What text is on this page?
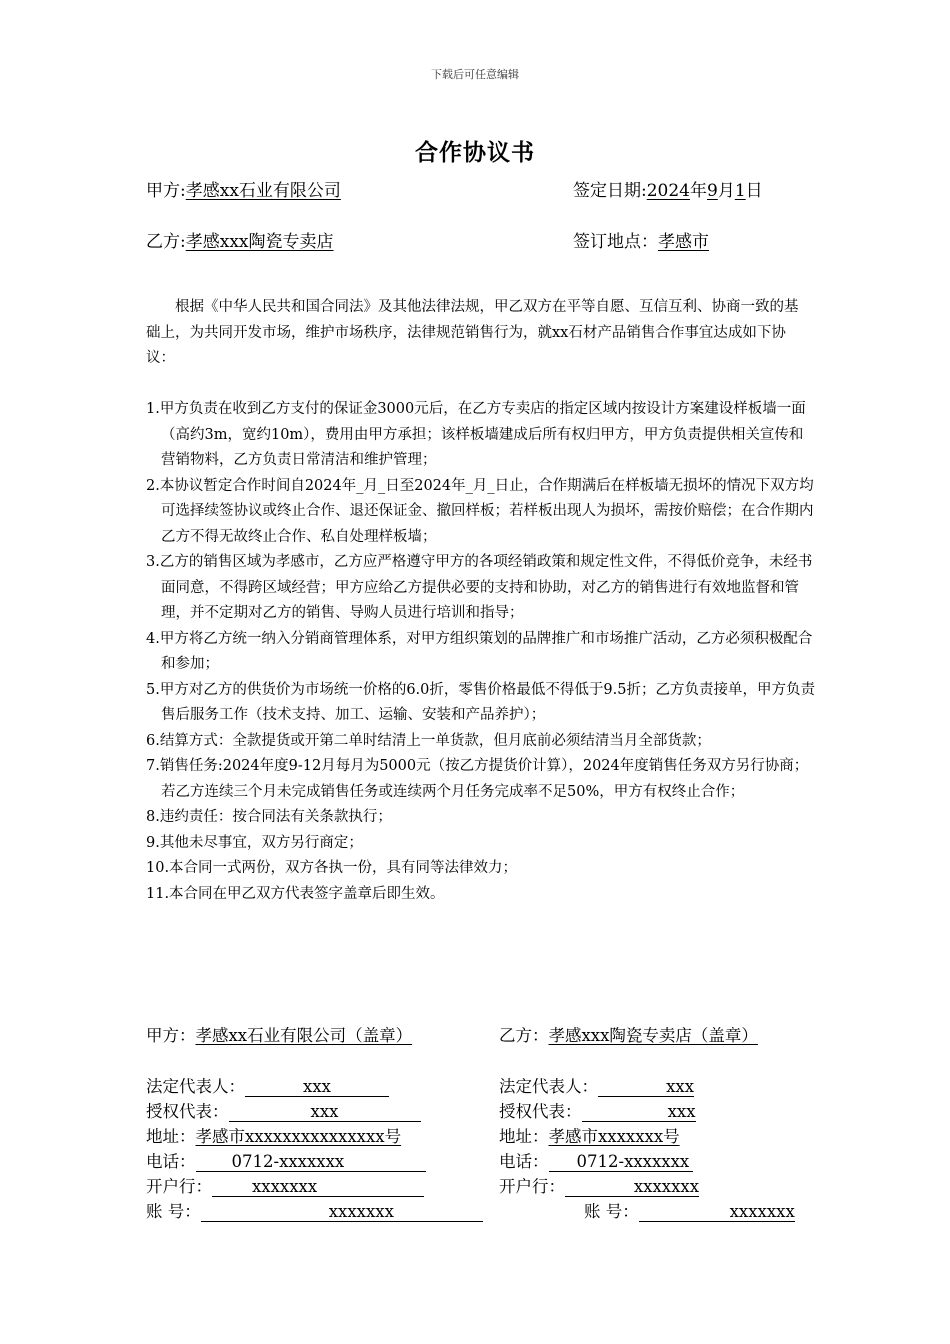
下载后可任意编辑
合作协议书
甲方:孝感xx石业有限公司	签定日期:2024年9月1日
乙方:孝感xxx陶瓷专卖店	签订地点：孝感市
根据《中华人民共和国合同法》及其他法律法规，甲乙双方在平等自愿、互信互利、协商一致的基础上，为共同开发市场，维护市场秩序，法律规范销售行为，就xx石材产品销售合作事宜达成如下协议：
1.甲方负责在收到乙方支付的保证金3000元后，在乙方专卖店的指定区域内按设计方案建设样板墙一面（高约3m，宽约10m），费用由甲方承担；该样板墙建成后所有权归甲方，甲方负责提供相关宣传和营销物料，乙方负责日常清洁和维护管理；
2.本协议暂定合作时间自2024年_月_日至2024年_月_日止，合作期满后在样板墙无损坏的情况下双方均可选择续签协议或终止合作、退还保证金、撤回样板；若样板出现人为损坏，需按价赔偿；在合作期内乙方不得无故终止合作、私自处理样板墙；
3.乙方的销售区域为孝感市，乙方应严格遵守甲方的各项经销政策和规定性文件，不得低价竞争，未经书面同意，不得跨区域经营；甲方应给乙方提供必要的支持和协助，对乙方的销售进行有效地监督和管理，并不定期对乙方的销售、导购人员进行培训和指导；
4.甲方将乙方统一纳入分销商管理体系，对甲方组织策划的品牌推广和市场推广活动，乙方必须积极配合和参加；
5.甲方对乙方的供货价为市场统一价格的6.0折，零售价格最低不得低于9.5折；乙方负责接单，甲方负责售后服务工作（技术支持、加工、运输、安装和产品养护）；
6.结算方式：全款提货或开第二单时结清上一单货款，但月底前必须结清当月全部货款；
7.销售任务:2024年度9-12月每月为5000元（按乙方提货价计算），2024年度销售任务双方另行协商；若乙方连续三个月未完成销售任务或连续两个月任务完成率不足50%，甲方有权终止合作；
8.违约责任：按合同法有关条款执行；
9.其他未尽事宜，双方另行商定；
10.本合同一式两份，双方各执一份，具有同等法律效力；
11.本合同在甲乙双方代表签字盖章后即生效。
甲方：孝感xx石业有限公司（盖章）
法定代表人：	xxx
授权代表：	xxx
地址：孝感市xxxxxxxxxxxxxxx号
电话： 0712-xxxxxxx
开户行： xxxxxxx
账 号：	xxxxxxx
乙方：孝感xxx陶瓷专卖店（盖章）
法定代表人：	xxx
授权代表：	xxx
地址：孝感市xxxxxxx号
电话： 0712-xxxxxxx
开户行：	xxxxxxx
账 号：	xxxxxxx
